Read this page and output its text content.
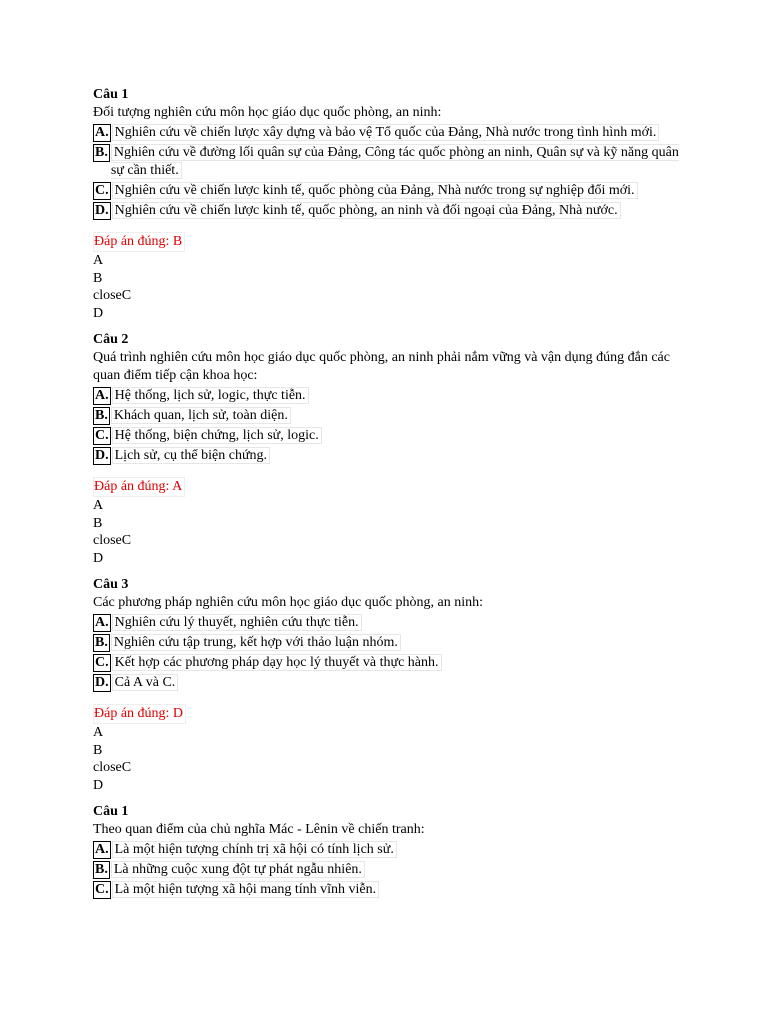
Câu 1

Đối tượng nghiên cứu môn học giáo dục quốc phòng, an ninh:

A. Nghiên cứu về chiến lược xây dựng và bảo vệ Tổ quốc của Đảng, Nhà nước trong tình hình mới.
B. Nghiên cứu về đường lối quân sự của Đảng, Công tác quốc phòng an ninh, Quân sự và kỹ năng quân sự cần thiết.
C. Nghiên cứu về chiến lược kinh tế, quốc phòng của Đảng, Nhà nước trong sự nghiệp đổi mới.
D. Nghiên cứu về chiến lược kinh tế, quốc phòng, an ninh và đối ngoại của Đảng, Nhà nước.
Đáp án đúng: B
A
B
closeC
D

Câu 2

Quá trình nghiên cứu môn học giáo dục quốc phòng, an ninh phải nắm vững và vận dụng đúng đắn các quan điểm tiếp cận khoa học:

A. Hệ thống, lịch sử, logic, thực tiễn.
B. Khách quan, lịch sử, toàn diện.
C. Hệ thống, biện chứng, lịch sử, logic.
D. Lịch sử, cụ thể biện chứng.
Đáp án đúng: A
A
B
closeC
D

Câu 3

Các phương pháp nghiên cứu môn học giáo dục quốc phòng, an ninh:

A. Nghiên cứu lý thuyết, nghiên cứu thực tiễn.
B. Nghiên cứu tập trung, kết hợp với thảo luận nhóm.
C. Kết hợp các phương pháp dạy học lý thuyết và thực hành.
D. Cả A và C.
Đáp án đúng: D
A
B
closeC
D

Câu 1

Theo quan điểm của chủ nghĩa Mác - Lênin về chiến tranh:

A. Là một hiện tượng chính trị xã hội có tính lịch sử.
B. Là những cuộc xung đột tự phát ngẫu nhiên.
C. Là một hiện tượng xã hội mang tính vĩnh viễn.
